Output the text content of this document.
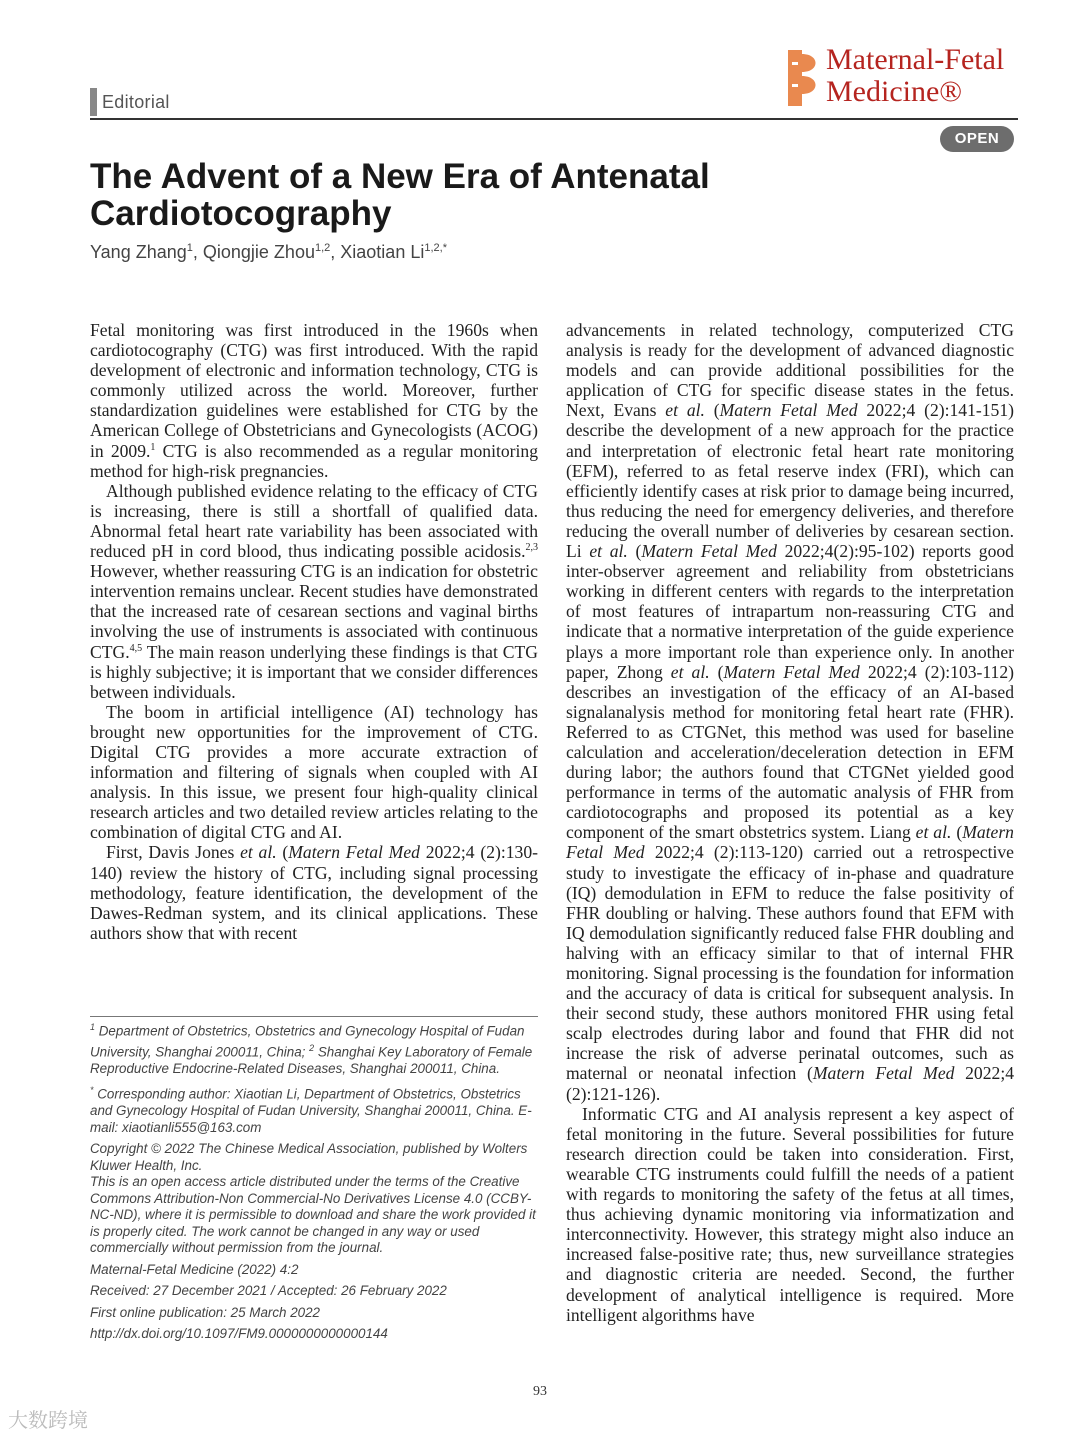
Maternal-Fetal
Medicine®
Editorial
OPEN
The Advent of a New Era of Antenatal Cardiotocography
Yang Zhang$^1$, Qiongjie Zhou$^{1,2}$, Xiaotian $Li^{1,2,*}$

Fetal monitoring was first introduced in the 1960s when cardiotocography (CTG) was first introduced. With the rapid development of electronic and information technology, CTG is commonly utilized across the world. Moreover, further standardization guidelines were established for CTG by the American College of Obstetricians and Gynecologists (ACOG) in 2009.$^1$ CTG is also recommended as a regular monitoring method for high-risk pregnancies.

Although published evidence relating to the efficacy of CTG is increasing, there is still a shortfall of qualified data. Abnormal fetal heart rate variability has been associated with reduced pH in cord blood, thus indicating possible acidosis.$^{2,3}$ However, whether reassuring CTG is an indication for obstetric intervention remains unclear. Recent studies have demonstrated that the increased rate of cesarean sections and vaginal births involving the use of instruments is associated with continuous CTG.$^{4,5}$ The main reason underlying these findings is that CTG is highly subjective; it is important that we consider differences between individuals.

The boom in artificial intelligence (AI) technology has brought new opportunities for the improvement of CTG. Digital CTG provides a more accurate extraction of information and filtering of signals when coupled with AI analysis. In this issue, we present four high-quality clinical research articles and two detailed review articles relating to the combination of digital CTG and AI.

First, Davis Jones et al. (Matern Fetal Med 2022;4 (2):130-140) review the history of CTG, including signal processing methodology, feature identification, the development of the Dawes-Redman system, and its clinical applications. These authors show that with recent

advancements in related technology, computerized CTG analysis is ready for the development of advanced diagnostic models and can provide additional possibilities for the application of CTG for specific disease states in the fetus. Next, Evans et al. (Matern Fetal Med 2022;4 (2):141-151) describe the development of a new approach for the practice and interpretation of electronic fetal heart rate monitoring (EFM), referred to as fetal reserve index (FRI), which can efficiently identify cases at risk prior to damage being incurred, thus reducing the need for emergency deliveries, and therefore reducing the overall number of deliveries by cesarean section. Li et al. (Matern Fetal Med 2022;4(2):95-102) reports good inter-observer agreement and reliability from obstetricians working in different centers with regards to the interpretation of most features of intrapartum non-reassuring CTG and indicate that a normative interpretation of the guide experience plays a more important role than experience only. In another paper, Zhong et al. (Matern Fetal Med 2022;4 (2):103-112) describes an investigation of the efficacy of an AI-based signalanalysis method for monitoring fetal heart rate (FHR). Referred to as CTGNet, this method was used for baseline calculation and acceleration/deceleration detection in EFM during labor; the authors found that CTGNet yielded good performance in terms of the automatic analysis of FHR from cardiotocographs and proposed its potential as a key component of the smart obstetrics system. Liang et al. (Matern Fetal Med 2022;4 (2):113-120) carried out a retrospective study to investigate the efficacy of in-phase and quadrature (IQ) demodulation in EFM to reduce the false positivity of FHR doubling or halving. These authors found that EFM with IQ demodulation significantly reduced false FHR doubling and halving with an efficacy similar to that of internal FHR monitoring. Signal processing is the foundation for information and the accuracy of data is critical for subsequent analysis. In their second study, these authors monitored FHR using fetal scalp electrodes during labor and found that FHR did not increase the risk of adverse perinatal outcomes, such as maternal or neonatal infection (Matern Fetal Med 2022;4 (2):121-126).

Informatic CTG and AI analysis represent a key aspect of fetal monitoring in the future. Several possibilities for future research direction could be taken into consideration. First, wearable CTG instruments could fulfill the needs of a patient with regards to monitoring the safety of the fetus at all times, thus achieving dynamic monitoring via informatization and interconnectivity. However, this strategy might also induce an increased false-positive rate; thus, new surveillance strategies and diagnostic criteria are needed. Second, the further development of analytical intelligence is required. More intelligent algorithms have

$^1$ Department of Obstetrics, Obstetrics and Gynecology Hospital of Fudan University, Shanghai 200011, China; $^2$ Shanghai Key Laboratory of Female Reproductive Endocrine-Related Diseases, Shanghai 200011, China.

* Corresponding author: Xiaotian Li, Department of Obstetrics, Obstetrics and Gynecology Hospital of Fudan University, Shanghai 200011, China. E-mail: xiaotianli555@163.com

Copyright © 2022 The Chinese Medical Association, published by Wolters Kluwer Health, Inc.

This is an open access article distributed under the terms of the Creative Commons Attribution-Non Commercial-No Derivatives License 4.0 (CCBY-NC-ND), where it is permissible to download and share the work provided it is properly cited. The work cannot be changed in any way or used commercially without permission from the journal.

Maternal-Fetal Medicine (2022) 4:2

Received: 27 December 2021 / Accepted: 26 February 2022

First online publication: 25 March 2022

http://dx.doi.org/10.1097/FM9.0000000000000144

93
大数跨境
